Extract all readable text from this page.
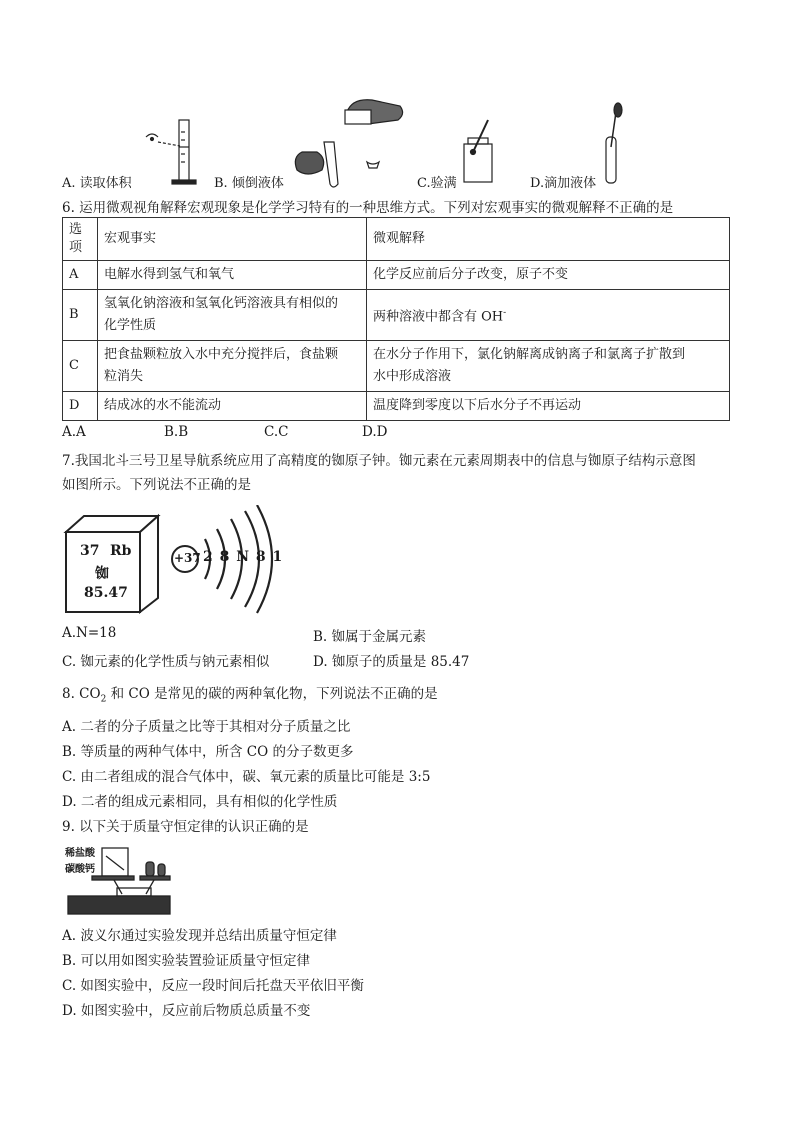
A. 读取体积	B. 倾倒液体	C.验满	D.滴加液体
6. 运用微观视角解释宏观现象是化学学习特有的一种思维方式。下列对宏观事实的微观解释不正确的是
选
项	宏观事实	微观解释
A	电解水得到氢气和氧气	化学反应前后分子改变，原子不变
B	氢氧化钠溶液和氢氧化钙溶液具有相似的
化学性质	两种溶液中都含有 OH-
C	把食盐颗粒放入水中充分搅拌后，食盐颗
粒消失	在水分子作用下，氯化钠解离成钠离子和氯离子扩散到
水中形成溶液
D	结成冰的水不能流动	温度降到零度以下后水分子不再运动
A.A	B.B	C.C	D.D
7.我国北斗三号卫星导航系统应用了高精度的铷原子钟。铷元素在元素周期表中的信息与铷原子结构示意图
如图所示。下列说法不正确的是
37 Rb
铷
85.47
+37 2 8 N 8 1
A.N=18	B. 铷属于金属元素
C. 铷元素的化学性质与钠元素相似	D. 铷原子的质量是 85.47
8. $CO_2$ 和 CO 是常见的碳的两种氧化物，下列说法不正确的是
A. 二者的分子质量之比等于其相对分子质量之比
B. 等质量的两种气体中，所含 CO 的分子数更多
C. 由二者组成的混合气体中，碳、氧元素的质量比可能是 3:5
D. 二者的组成元素相同，具有相似的化学性质
9. 以下关于质量守恒定律的认识正确的是
稀盐酸
碳酸钙
A. 波义尔通过实验发现并总结出质量守恒定律
B. 可以用如图实验装置验证质量守恒定律
C. 如图实验中，反应一段时间后托盘天平依旧平衡
D. 如图实验中，反应前后物质总质量不变
